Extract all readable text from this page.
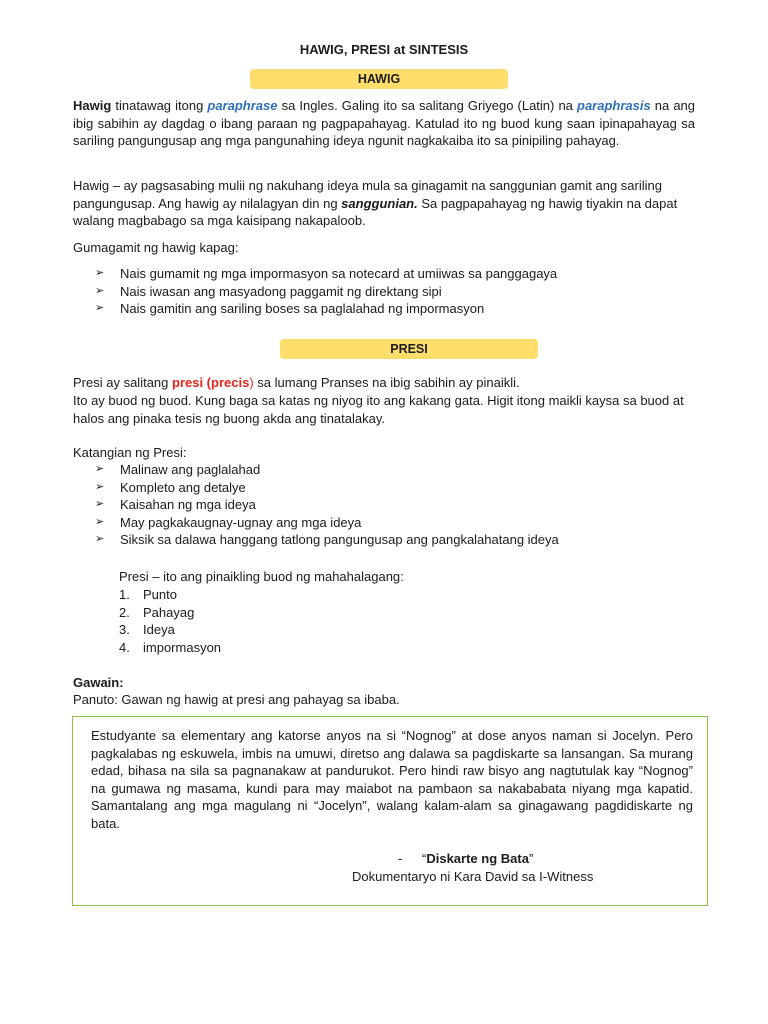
HAWIG, PRESI at SINTESIS
HAWIG
Hawig tinatawag itong paraphrase sa Ingles. Galing ito sa salitang Griyego (Latin) na paraphrasis na ang ibig sabihin ay dagdag o ibang paraan ng pagpapahayag. Katulad ito ng buod kung saan ipinapahayag sa sariling pangungusap ang mga pangunahing ideya ngunit nagkakaiba ito sa pinipiling pahayag.
Hawig – ay pagsasabing mulii ng nakuhang ideya mula sa ginagamit na sanggunian gamit ang sariling pangungusap. Ang hawig ay nilalagyan din ng sanggunian. Sa pagpapahayag ng hawig tiyakin na dapat walang magbabago sa mga kaisipang nakapaloob.
Gumagamit ng hawig kapag:
➢ Nais gumamit ng mga impormasyon sa notecard at umiiwas sa panggagaya
➢ Nais iwasan ang masyadong paggamit ng direktang sipi
➢ Nais gamitin ang sariling boses sa paglalahad ng impormasyon
PRESI
Presi ay salitang presi (precis) sa lumang Pranses na ibig sabihin ay pinaikli.
Ito ay buod ng buod. Kung baga sa katas ng niyog ito ang kakang gata. Higit itong maikli kaysa sa buod at halos ang pinaka tesis ng buong akda ang tinatalakay.
Katangian ng Presi:
➢ Malinaw ang paglalahad
➢ Kompleto ang detalye
➢ Kaisahan ng mga ideya
➢ May pagkakaugnay-ugnay ang mga ideya
➢ Siksik sa dalawa hanggang tatlong pangungusap ang pangkalahatang ideya
Presi – ito ang pinaikling buod ng mahahalagang:
1. Punto
2. Pahayag
3. Ideya
4. impormasyon
Gawain:
Panuto: Gawan ng hawig at presi ang pahayag sa ibaba.
Estudyante sa elementary ang katorse anyos na si “Nognog” at dose anyos naman si Jocelyn. Pero pagkalabas ng eskuwela, imbis na umuwi, diretso ang dalawa sa pagdiskarte sa lansangan. Sa murang edad, bihasa na sila sa pagnanakaw at pandurukot. Pero hindi raw bisyo ang nagtutulak kay “Nognog” na gumawa ng masama, kundi para may maiabot na pambaon sa nakababata niyang mga kapatid. Samantalang ang mga magulang ni “Jocelyn”, walang kalam-alam sa ginagawang pagdidiskarte ng bata.
- “Diskarte ng Bata”
Dokumentaryo ni Kara David sa I-Witness
